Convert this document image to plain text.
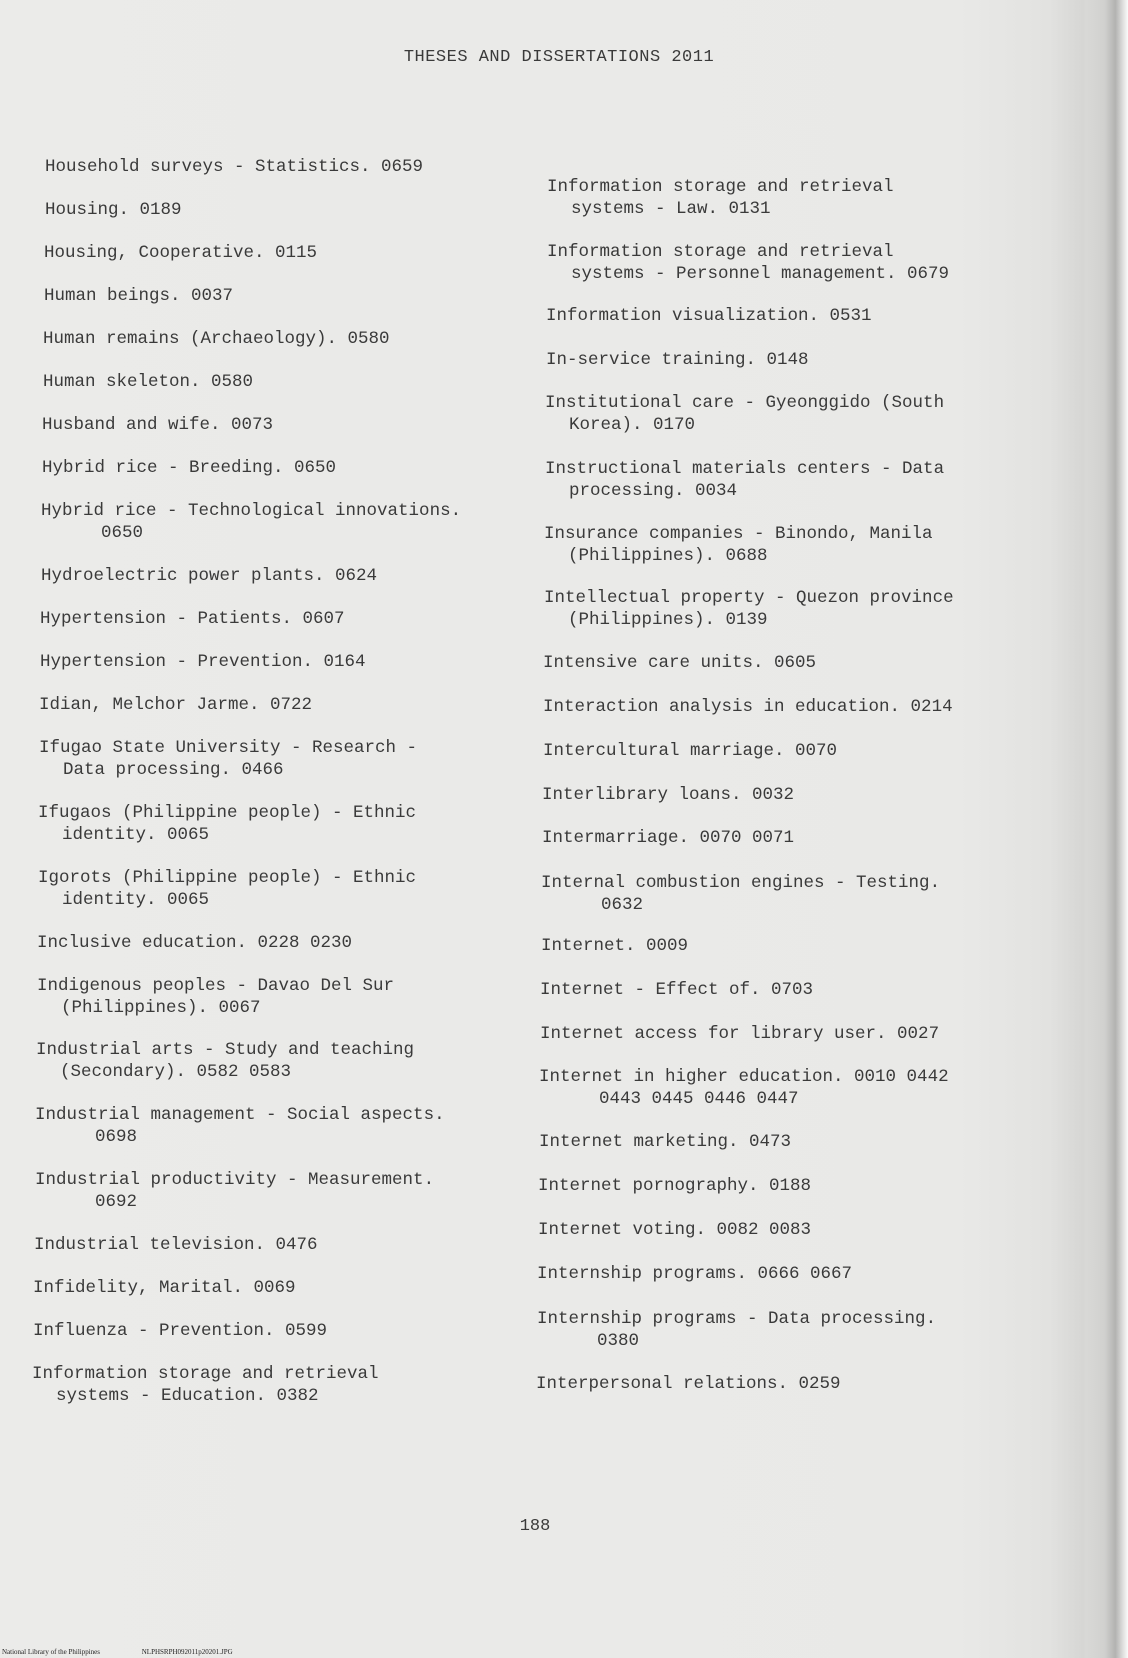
THESES AND DISSERTATIONS 2011
Household surveys - Statistics. 0659
Housing. 0189
Housing, Cooperative. 0115
Human beings. 0037
Human remains (Archaeology). 0580
Human skeleton. 0580
Husband and wife. 0073
Hybrid rice - Breeding. 0650
Hybrid rice - Technological innovations.
0650
Hydroelectric power plants. 0624
Hypertension - Patients. 0607
Hypertension - Prevention. 0164
Idian, Melchor Jarme. 0722
Ifugao State University - Research -
Data processing. 0466
Ifugaos (Philippine people) - Ethnic
identity. 0065
Igorots (Philippine people) - Ethnic
identity. 0065
Inclusive education. 0228 0230
Indigenous peoples - Davao Del Sur
(Philippines). 0067
Industrial arts - Study and teaching
(Secondary). 0582 0583
Industrial management - Social aspects.
0698
Industrial productivity - Measurement.
0692
Industrial television. 0476
Infidelity, Marital. 0069
Influenza - Prevention. 0599
Information storage and retrieval
systems - Education. 0382
Information storage and retrieval
systems - Law. 0131
Information storage and retrieval
systems - Personnel management. 0679
Information visualization. 0531
In-service training. 0148
Institutional care - Gyeonggido (South
Korea). 0170
Instructional materials centers - Data
processing. 0034
Insurance companies - Binondo, Manila
(Philippines). 0688
Intellectual property - Quezon province
(Philippines). 0139
Intensive care units. 0605
Interaction analysis in education. 0214
Intercultural marriage. 0070
Interlibrary loans. 0032
Intermarriage. 0070 0071
Internal combustion engines - Testing.
0632
Internet. 0009
Internet - Effect of. 0703
Internet access for library user. 0027
Internet in higher education. 0010 0442
0443 0445 0446 0447
Internet marketing. 0473
Internet pornography. 0188
Internet voting. 0082 0083
Internship programs. 0666 0667
Internship programs - Data processing.
0380
Interpersonal relations. 0259
188
National Library of the Philippines	NLPHSRPH092011p20201.JPG
